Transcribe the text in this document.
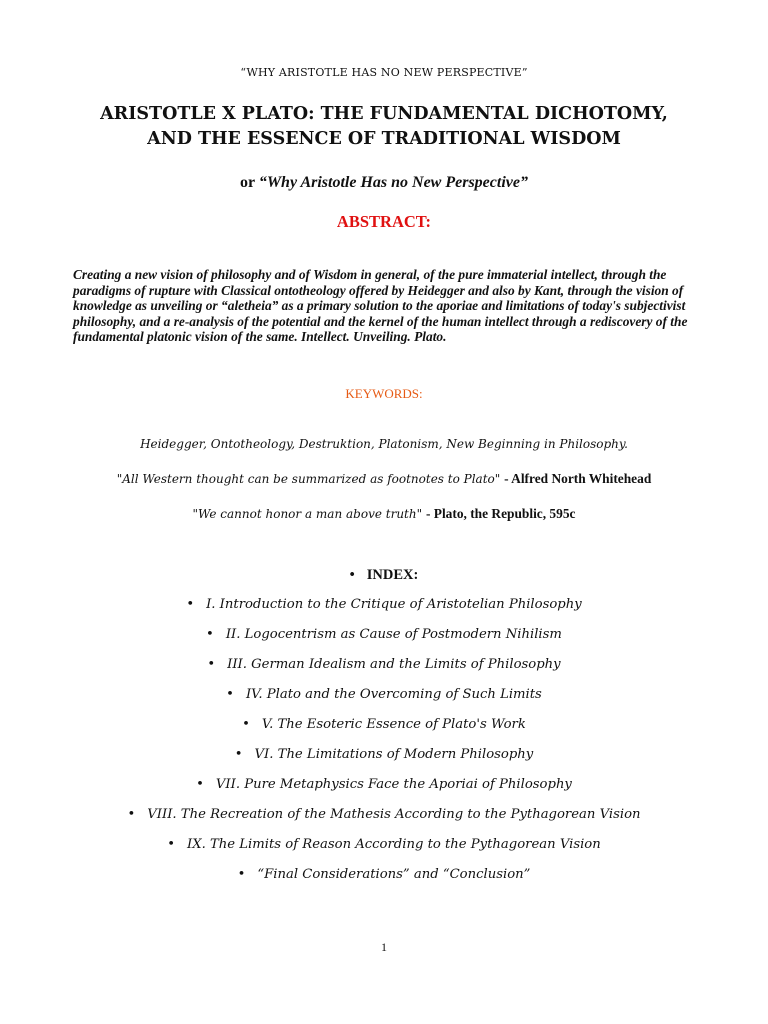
“WHY ARISTOTLE HAS NO NEW PERSPECTIVE”
ARISTOTLE X PLATO: THE FUNDAMENTAL DICHOTOMY,
AND THE ESSENCE OF TRADITIONAL WISDOM
or “Why Aristotle Has no New Perspective”
ABSTRACT:
Creating a new vision of philosophy and of Wisdom in general, of the pure immaterial intellect, through the paradigms of rupture with Classical ontotheology offered by Heidegger and also by Kant, through the vision of knowledge as unveiling or “aletheia” as a primary solution to the aporiae and limitations of today's subjectivist philosophy, and a re-analysis of the potential and the kernel of the human intellect through a rediscovery of the fundamental platonic vision of the same. Intellect. Unveiling. Plato.
KEYWORDS:
Heidegger, Ontotheology, Destruktion, Platonism, New Beginning in Philosophy.
"All Western thought can be summarized as footnotes to Plato" - Alfred North Whitehead
"We cannot honor a man above truth" - Plato, the Republic, 595c
• INDEX:
• I. Introduction to the Critique of Aristotelian Philosophy
• II. Logocentrism as Cause of Postmodern Nihilism
• III. German Idealism and the Limits of Philosophy
• IV. Plato and the Overcoming of Such Limits
• V. The Esoteric Essence of Plato's Work
• VI. The Limitations of Modern Philosophy
• VII. Pure Metaphysics Face the Aporiai of Philosophy
• VIII. The Recreation of the Mathesis According to the Pythagorean Vision
• IX. The Limits of Reason According to the Pythagorean Vision
• “Final Considerations” and “Conclusion”
1
